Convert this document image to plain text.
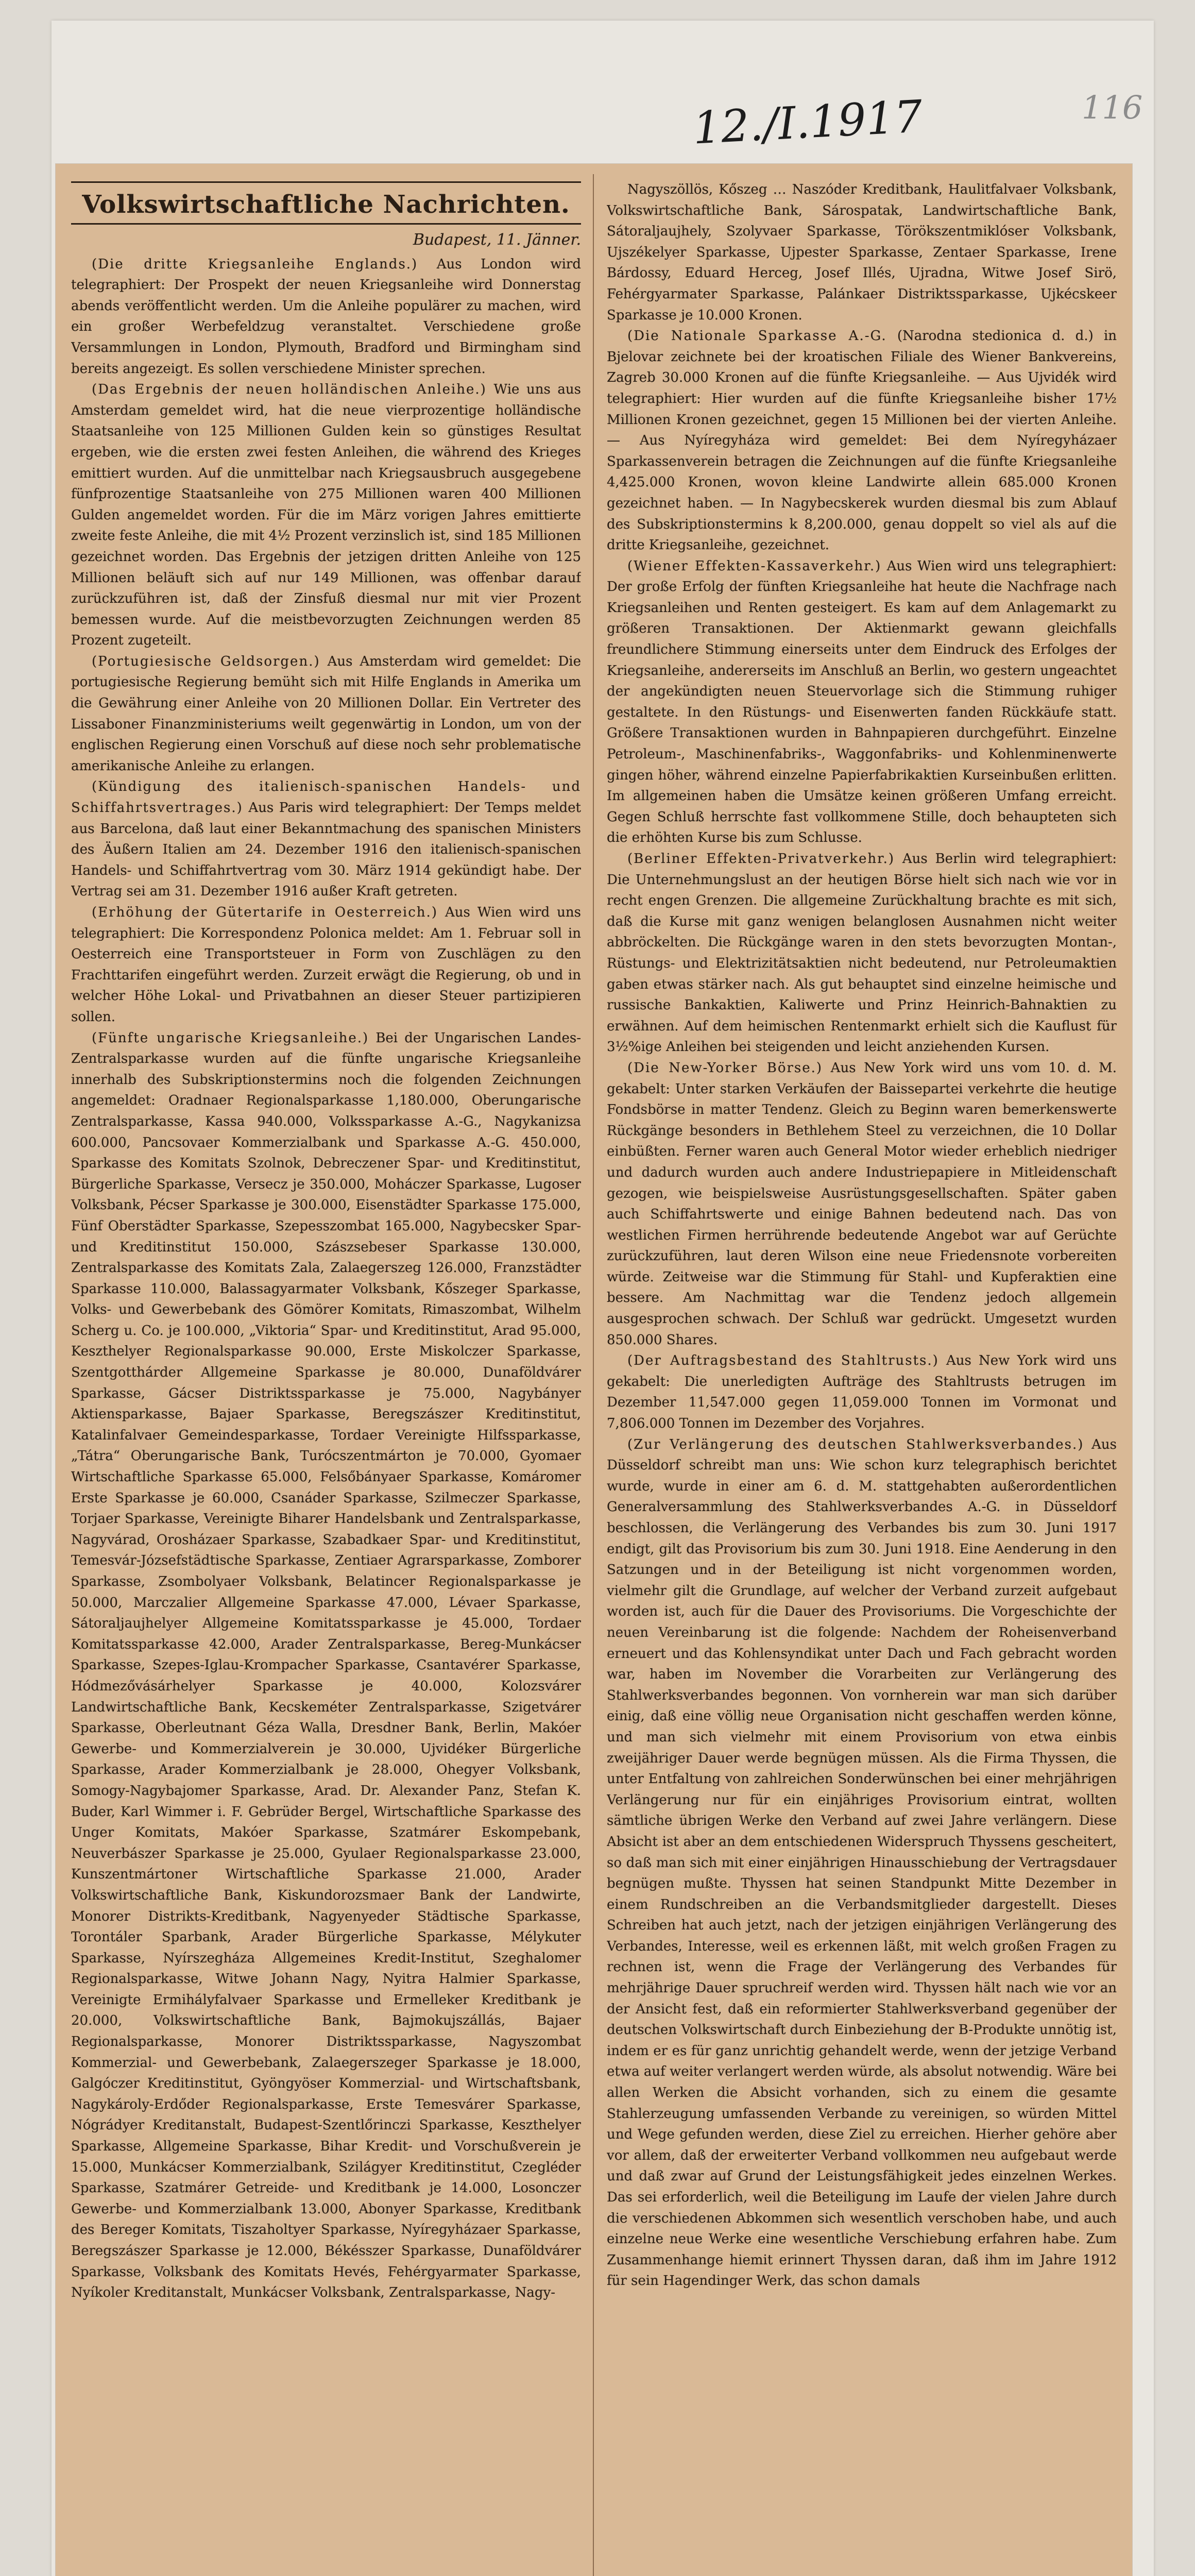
12./I.1917	116
Volkswirtschaftliche Nachrichten.

Budapest, 11. Jänner.

(Die dritte Kriegsanleihe Englands.) Aus London wird telegraphiert: Der Prospekt der neuen Kriegsanleihe wird Donnerstag abends veröffentlicht werden. Um die Anleihe populärer zu machen, wird ein großer Werbefeldzug veranstaltet. Verschiedene große Versammlungen in London, Plymouth, Bradford und Birmingham sind bereits angezeigt. Es sollen verschiedene Minister sprechen.

(Das Ergebnis der neuen holländischen Anleihe.) Wie uns aus Amsterdam gemeldet wird, hat die neue vierprozentige holländische Staatsanleihe von 125 Millionen Gulden kein so günstiges Resultat ergeben, wie die ersten zwei festen Anleihen, die während des Krieges emittiert wurden. Auf die unmittelbar nach Kriegsausbruch ausgegebene fünfprozentige Staatsanleihe von 275 Millionen waren 400 Millionen Gulden angemeldet worden. Für die im März vorigen Jahres emittierte zweite feste Anleihe, die mit 4½ Prozent verzinslich ist, sind 185 Millionen gezeichnet worden. Das Ergebnis der jetzigen dritten Anleihe von 125 Millionen beläuft sich auf nur 149 Millionen, was offenbar darauf zurückzuführen ist, daß der Zinsfuß diesmal nur mit vier Prozent bemessen wurde. Auf die meistbevorzugten Zeichnungen werden 85 Prozent zugeteilt.

(Portugiesische Geldsorgen.) Aus Amsterdam wird gemeldet: Die portugiesische Regierung bemüht sich mit Hilfe Englands in Amerika um die Gewährung einer Anleihe von 20 Millionen Dollar. Ein Vertreter des Lissaboner Finanzministeriums weilt gegenwärtig in London, um von der englischen Regierung einen Vorschuß auf diese noch sehr problematische amerikanische Anleihe zu erlangen.

(Kündigung des italienisch-spanischen Handels- und Schiffahrtsvertrages.) Aus Paris wird telegraphiert: Der Temps meldet aus Barcelona, daß laut einer Bekanntmachung des spanischen Ministers des Äußern Italien am 24. Dezember 1916 den italienisch-spanischen Handels- und Schiffahrtvertrag vom 30. März 1914 gekündigt habe. Der Vertrag sei am 31. Dezember 1916 außer Kraft getreten.

(Erhöhung der Gütertarife in Oesterreich.) Aus Wien wird uns telegraphiert: Die Korrespondenz Polonica meldet: Am 1. Februar soll in Oesterreich eine Transportsteuer in Form von Zuschlägen zu den Frachttarifen eingeführt werden. Zurzeit erwägt die Regierung, ob und in welcher Höhe Lokal- und Privatbahnen an dieser Steuer partizipieren sollen.

(Fünfte ungarische Kriegsanleihe.) Bei der Ungarischen Landes-Zentralsparkasse wurden auf die fünfte ungarische Kriegsanleihe innerhalb des Subskriptionstermins noch die folgenden Zeichnungen angemeldet: Oradnaer Regionalsparkasse 1,180.000, Oberungarische Zentralsparkasse, Kassa 940.000, Volkssparkasse A.-G., Nagykanizsa 600.000, Pancsovaer Kommerzialbank und Sparkasse A.-G. 450.000, Sparkasse des Komitats Szolnok, Debreczener Spar- und Kreditinstitut, Bürgerliche Sparkasse, Versecz je 350.000, Moháczer Sparkasse, Lugoser Volksbank, Pécser Sparkasse je 300.000, Eisenstädter Sparkasse 175.000, Fünf Oberstädter Sparkasse, Szepesszombat 165.000, Nagybecsker Spar- und Kreditinstitut 150.000, Szászsebeser Sparkasse 130.000, Zentralsparkasse des Komitats Zala, Zalaegerszeg 126.000, Franzstädter Sparkasse 110.000, Balassagyarmater Volksbank, Kőszeger Sparkasse, Volks- und Gewerbebank des Gömörer Komitats, Rimaszombat, Wilhelm Scherg u. Co. je 100.000, „Viktoria“ Spar- und Kreditinstitut, Arad 95.000, Keszthelyer Regionalsparkasse 90.000, Erste Miskolczer Sparkasse, Szentgotthárder Allgemeine Sparkasse je 80.000, Dunaföldvárer Sparkasse, Gácser Distriktssparkasse je 75.000, Nagybányer Aktiensparkasse, Bajaer Sparkasse, Beregszászer Kreditinstitut, Katalinfalvaer Gemeindesparkasse, Tordaer Vereinigte Hilfssparkasse, „Tátra“ Oberungarische Bank, Turócszentmárton je 70.000, Gyomaer Wirtschaftliche Sparkasse 65.000, Felsőbányaer Sparkasse, Komáromer Erste Sparkasse je 60.000, Csanáder Sparkasse, Szilmeczer Sparkasse, Torjaer Sparkasse, Vereinigte Biharer Handelsbank und Zentralsparkasse, Nagyvárad, Orosházaer Sparkasse, Szabadkaer Spar- und Kreditinstitut, Temesvár-Józsefstädtische Sparkasse, Zentiaer Agrarsparkasse, Zomborer Sparkasse, Zsombolyaer Volksbank, Belatincer Regionalsparkasse je 50.000, Marczalier Allgemeine Sparkasse 47.000, Lévaer Sparkasse, Sátoraljaujhelyer Allgemeine Komitatssparkasse je 45.000, Tordaer Komitatssparkasse 42.000, Arader Zentralsparkasse, Bereg-Munkácser Sparkasse, Szepes-Iglau-Krompacher Sparkasse, Csantavérer Sparkasse, Hódmezővásárhelyer Sparkasse je 40.000, Kolozsvárer Landwirtschaftliche Bank, Kecskeméter Zentralsparkasse, Szigetvárer Sparkasse, Oberleutnant Géza Walla, Dresdner Bank, Berlin, Makóer Gewerbe- und Kommerzialverein je 30.000, Ujvidéker Bürgerliche Sparkasse, Arader Kommerzialbank je 28.000, Ohegyer Volksbank, Somogy-Nagybajomer Sparkasse, Arad. Dr. Alexander Panz, Stefan K. Buder, Karl Wimmer i. F. Gebrüder Bergel, Wirtschaftliche Sparkasse des Unger Komitats, Makóer Sparkasse, Szatmárer Eskompebank, Neuverbászer Sparkasse je 25.000, Gyulaer Regionalsparkasse 23.000, Kunszentmártoner Wirtschaftliche Sparkasse 21.000, Arader Volkswirtschaftliche Bank, Kiskundorozsmaer Bank der Landwirte, Monorer Distrikts-Kreditbank, Nagyenyeder Städtische Sparkasse, Torontáler Sparbank, Arader Bürgerliche Sparkasse, Mélykuter Sparkasse, Nyírszegháza Allgemeines Kredit-Institut, Szeghalomer Regionalsparkasse, Witwe Johann Nagy, Nyitra Halmier Sparkasse, Vereinigte Ermihályfalvaer Sparkasse und Ermelleker Kreditbank je 20.000, Volkswirtschaftliche Bank, Bajmokujszállás, Bajaer Regionalsparkasse, Monorer Distriktssparkasse, Nagyszombat Kommerzial- und Gewerbebank, Zalaegerszeger Sparkasse je 18.000, Galgóczer Kreditinstitut, Gyöngyöser Kommerzial- und Wirtschaftsbank, Nagykároly-Erdőder Regionalsparkasse, Erste Temesvárer Sparkasse, Nógrádyer Kreditanstalt, Budapest-Szentlőrinczi Sparkasse, Keszthelyer Sparkasse, Allgemeine Sparkasse, Bihar Kredit- und Vorschußverein je 15.000, Munkácser Kommerzialbank, Szilágyer Kreditinstitut, Czegléder Sparkasse, Szatmárer Getreide- und Kreditbank je 14.000, Losonczer Gewerbe- und Kommerzialbank 13.000, Abonyer Sparkasse, Kreditbank des Bereger Komitats, Tiszaholtyer Sparkasse, Nyíregyházaer Sparkasse, Beregszászer Sparkasse je 12.000, Békésszer Sparkasse, Dunaföldvárer Sparkasse, Volksbank des Komitats Hevés, Fehérgyarmater Sparkasse, Nyíkoler Kreditanstalt, Munkácser Volksbank, Zentralsparkasse, Nagy-

Nagyszöllös, Kőszeg … Naszóder Kreditbank, Haulitfalvaer Volksbank, Volkswirtschaftliche Bank, Sárospatak, Landwirtschaftliche Bank, Sátoraljaujhely, Szolyvaer Sparkasse, Törökszentmiklóser Volksbank, Ujszékelyer Sparkasse, Ujpester Sparkasse, Zentaer Sparkasse, Irene Bárdossy, Eduard Herceg, Josef Illés, Ujradna, Witwe Josef Sirö, Fehérgyarmater Sparkasse, Palánkaer Distriktssparkasse, Ujkécskeer Sparkasse je 10.000 Kronen.

(Die Nationale Sparkasse A.-G. (Narodna stedionica d. d.) in Bjelovar zeichnete bei der kroatischen Filiale des Wiener Bankvereins, Zagreb 30.000 Kronen auf die fünfte Kriegsanleihe. — Aus Ujvidék wird telegraphiert: Hier wurden auf die fünfte Kriegsanleihe bisher 17½ Millionen Kronen gezeichnet, gegen 15 Millionen bei der vierten Anleihe. — Aus Nyíregyháza wird gemeldet: Bei dem Nyíregyházaer Sparkassenverein betragen die Zeichnungen auf die fünfte Kriegsanleihe 4,425.000 Kronen, wovon kleine Landwirte allein 685.000 Kronen gezeichnet haben. — In Nagybecskerek wurden diesmal bis zum Ablauf des Subskriptionstermins k 8,200.000, genau doppelt so viel als auf die dritte Kriegsanleihe, gezeichnet.

(Wiener Effekten-Kassaverkehr.) Aus Wien wird uns telegraphiert: Der große Erfolg der fünften Kriegsanleihe hat heute die Nachfrage nach Kriegsanleihen und Renten gesteigert. Es kam auf dem Anlagemarkt zu größeren Transaktionen. Der Aktienmarkt gewann gleichfalls freundlichere Stimmung einerseits unter dem Eindruck des Erfolges der Kriegsanleihe, andererseits im Anschluß an Berlin, wo gestern ungeachtet der angekündigten neuen Steuervorlage sich die Stimmung ruhiger gestaltete. In den Rüstungs- und Eisenwerten fanden Rückkäufe statt. Größere Transaktionen wurden in Bahnpapieren durchgeführt. Einzelne Petroleum-, Maschinenfabriks-, Waggonfabriks- und Kohlenminenwerte gingen höher, während einzelne Papierfabrikaktien Kurseinbußen erlitten. Im allgemeinen haben die Umsätze keinen größeren Umfang erreicht. Gegen Schluß herrschte fast vollkommene Stille, doch behaupteten sich die erhöhten Kurse bis zum Schlusse.

(Berliner Effekten-Privatverkehr.) Aus Berlin wird telegraphiert: Die Unternehmungslust an der heutigen Börse hielt sich nach wie vor in recht engen Grenzen. Die allgemeine Zurückhaltung brachte es mit sich, daß die Kurse mit ganz wenigen belanglosen Ausnahmen nicht weiter abbröckelten. Die Rückgänge waren in den stets bevorzugten Montan-, Rüstungs- und Elektrizitätsaktien nicht bedeutend, nur Petroleumaktien gaben etwas stärker nach. Als gut behauptet sind einzelne heimische und russische Bankaktien, Kaliwerte und Prinz Heinrich-Bahnaktien zu erwähnen. Auf dem heimischen Rentenmarkt erhielt sich die Kauflust für 3½%ige Anleihen bei steigenden und leicht anziehenden Kursen.

(Die New-Yorker Börse.) Aus New York wird uns vom 10. d. M. gekabelt: Unter starken Verkäufen der Baissepartei verkehrte die heutige Fondsbörse in matter Tendenz. Gleich zu Beginn waren bemerkenswerte Rückgänge besonders in Bethlehem Steel zu verzeichnen, die 10 Dollar einbüßten. Ferner waren auch General Motor wieder erheblich niedriger und dadurch wurden auch andere Industriepapiere in Mitleidenschaft gezogen, wie beispielsweise Ausrüstungsgesellschaften. Später gaben auch Schiffahrtswerte und einige Bahnen bedeutend nach. Das von westlichen Firmen herrührende bedeutende Angebot war auf Gerüchte zurückzuführen, laut deren Wilson eine neue Friedensnote vorbereiten würde. Zeitweise war die Stimmung für Stahl- und Kupferaktien eine bessere. Am Nachmittag war die Tendenz jedoch allgemein ausgesprochen schwach. Der Schluß war gedrückt. Umgesetzt wurden 850.000 Shares.

(Der Auftragsbestand des Stahltrusts.) Aus New York wird uns gekabelt: Die unerledigten Aufträge des Stahltrusts betrugen im Dezember 11,547.000 gegen 11,059.000 Tonnen im Vormonat und 7,806.000 Tonnen im Dezember des Vorjahres.

(Zur Verlängerung des deutschen Stahlwerksverbandes.) Aus Düsseldorf schreibt man uns: Wie schon kurz telegraphisch berichtet wurde, wurde in einer am 6. d. M. stattgehabten außerordentlichen Generalversammlung des Stahlwerksverbandes A.-G. in Düsseldorf beschlossen, die Verlängerung des Verbandes bis zum 30. Juni 1917 endigt, gilt das Provisorium bis zum 30. Juni 1918. Eine Aenderung in den Satzungen und in der Beteiligung ist nicht vorgenommen worden, vielmehr gilt die Grundlage, auf welcher der Verband zurzeit aufgebaut worden ist, auch für die Dauer des Provisoriums. Die Vorgeschichte der neuen Vereinbarung ist die folgende: Nachdem der Roheisenverband erneuert und das Kohlensyndikat unter Dach und Fach gebracht worden war, haben im November die Vorarbeiten zur Verlängerung des Stahlwerksverbandes begonnen. Von vornherein war man sich darüber einig, daß eine völlig neue Organisation nicht geschaffen werden könne, und man sich vielmehr mit einem Provisorium von etwa einbis zweijähriger Dauer werde begnügen müssen. Als die Firma Thyssen, die unter Entfaltung von zahlreichen Sonderwünschen bei einer mehrjährigen Verlängerung nur für ein einjähriges Provisorium eintrat, wollten sämtliche übrigen Werke den Verband auf zwei Jahre verlängern. Diese Absicht ist aber an dem entschiedenen Widerspruch Thyssens gescheitert, so daß man sich mit einer einjährigen Hinausschiebung der Vertragsdauer begnügen mußte. Thyssen hat seinen Standpunkt Mitte Dezember in einem Rundschreiben an die Verbandsmitglieder dargestellt. Dieses Schreiben hat auch jetzt, nach der jetzigen einjährigen Verlängerung des Verbandes, Interesse, weil es erkennen läßt, mit welch großen Fragen zu rechnen ist, wenn die Frage der Verlängerung des Verbandes für mehrjährige Dauer spruchreif werden wird. Thyssen hält nach wie vor an der Ansicht fest, daß ein reformierter Stahlwerksverband gegenüber der deutschen Volkswirtschaft durch Einbeziehung der B-Produkte unnötig ist, indem er es für ganz unrichtig gehandelt werde, wenn der jetzige Verband etwa auf weiter verlangert werden würde, als absolut notwendig. Wäre bei allen Werken die Absicht vorhanden, sich zu einem die gesamte Stahlerzeugung umfassenden Verbande zu vereinigen, so würden Mittel und Wege gefunden werden, diese Ziel zu erreichen. Hierher gehöre aber vor allem, daß der erweiterter Verband vollkommen neu aufgebaut werde und daß zwar auf Grund der Leistungsfähigkeit jedes einzelnen Werkes. Das sei erforderlich, weil die Beteiligung im Laufe der vielen Jahre durch die verschiedenen Abkommen sich wesentlich verschoben habe, und auch einzelne neue Werke eine wesentliche Verschiebung erfahren habe. Zum Zusammenhange hiemit erinnert Thyssen daran, daß ihm im Jahre 1912 für sein Hagendinger Werk, das schon damals
